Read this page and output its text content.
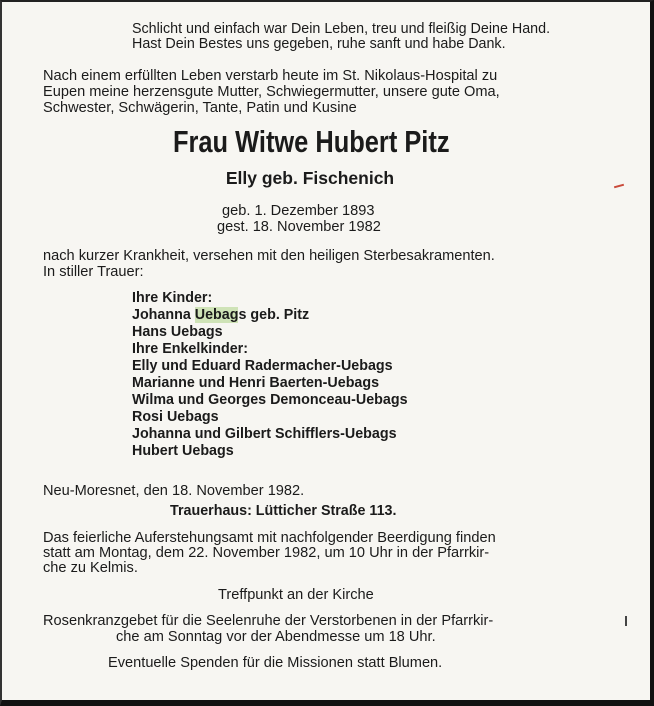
Schlicht und einfach war Dein Leben, treu und fleißig Deine Hand.
Hast Dein Bestes uns gegeben, ruhe sanft und habe Dank.
Nach einem erfüllten Leben verstarb heute im St. Nikolaus-Hospital zu
Eupen meine herzensgute Mutter, Schwiegermutter, unsere gute Oma,
Schwester, Schwägerin, Tante, Patin und Kusine
Frau Witwe Hubert Pitz
Elly geb. Fischenich
geb. 1. Dezember 1893
gest. 18. November 1982
nach kurzer Krankheit, versehen mit den heiligen Sterbesakramenten.
In stiller Trauer:
Ihre Kinder:
Johanna Uebags geb. Pitz
Hans Uebags
Ihre Enkelkinder:
Elly und Eduard Radermacher-Uebags
Marianne und Henri Baerten-Uebags
Wilma und Georges Demonceau-Uebags
Rosi Uebags
Johanna und Gilbert Schifflers-Uebags
Hubert Uebags
Neu-Moresnet, den 18. November 1982.
Trauerhaus: Lütticher Straße 113.
Das feierliche Auferstehungsamt mit nachfolgender Beerdigung finden
statt am Montag, dem 22. November 1982, um 10 Uhr in der Pfarrkir-
che zu Kelmis.
Treffpunkt an der Kirche
Rosenkranzgebet für die Seelenruhe der Verstorbenen in der Pfarrkir-
che am Sonntag vor der Abendmesse um 18 Uhr.
Eventuelle Spenden für die Missionen statt Blumen.
